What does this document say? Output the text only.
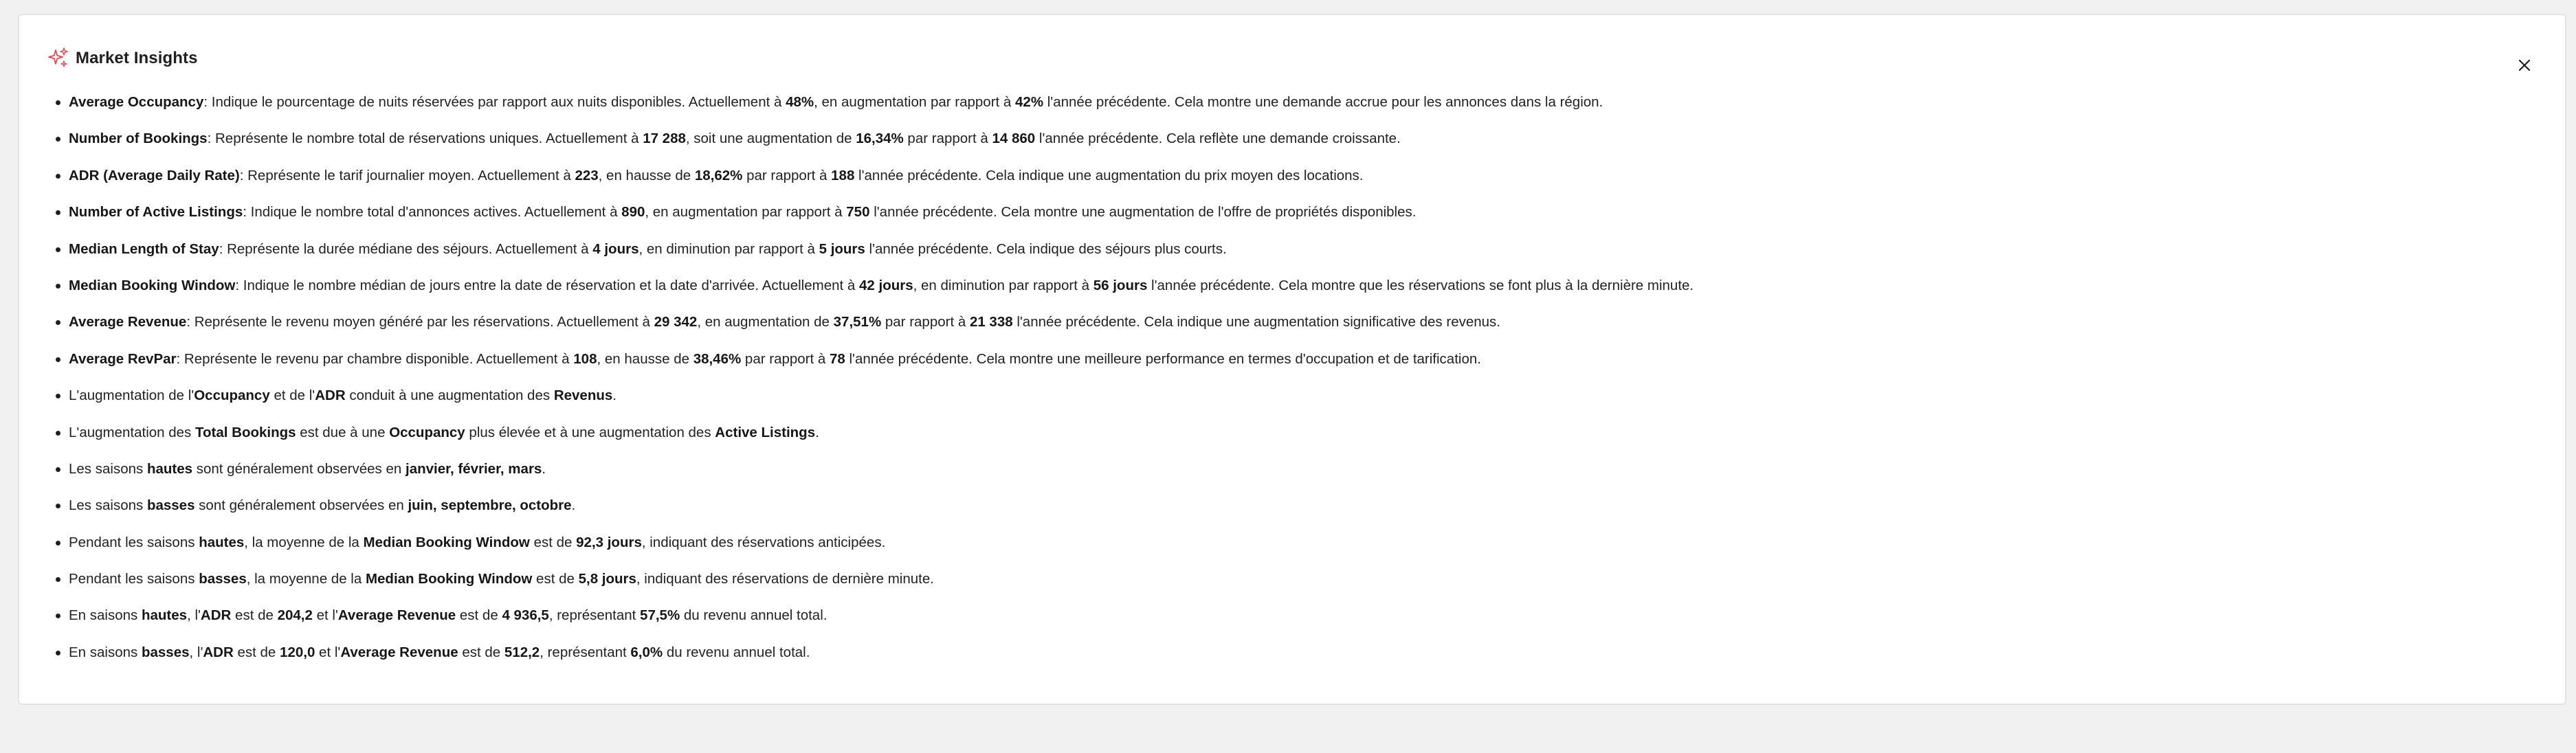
Market Insights
Average Occupancy: Indique le pourcentage de nuits réservées par rapport aux nuits disponibles. Actuellement à 48%, en augmentation par rapport à 42% l'année précédente. Cela montre une demande accrue pour les annonces dans la région.
Number of Bookings: Représente le nombre total de réservations uniques. Actuellement à 17 288, soit une augmentation de 16,34% par rapport à 14 860 l'année précédente. Cela reflète une demande croissante.
ADR (Average Daily Rate): Représente le tarif journalier moyen. Actuellement à 223, en hausse de 18,62% par rapport à 188 l'année précédente. Cela indique une augmentation du prix moyen des locations.
Number of Active Listings: Indique le nombre total d'annonces actives. Actuellement à 890, en augmentation par rapport à 750 l'année précédente. Cela montre une augmentation de l'offre de propriétés disponibles.
Median Length of Stay: Représente la durée médiane des séjours. Actuellement à 4 jours, en diminution par rapport à 5 jours l'année précédente. Cela indique des séjours plus courts.
Median Booking Window: Indique le nombre médian de jours entre la date de réservation et la date d'arrivée. Actuellement à 42 jours, en diminution par rapport à 56 jours l'année précédente. Cela montre que les réservations se font plus à la dernière minute.
Average Revenue: Représente le revenu moyen généré par les réservations. Actuellement à 29 342, en augmentation de 37,51% par rapport à 21 338 l'année précédente. Cela indique une augmentation significative des revenus.
Average RevPar: Représente le revenu par chambre disponible. Actuellement à 108, en hausse de 38,46% par rapport à 78 l'année précédente. Cela montre une meilleure performance en termes d'occupation et de tarification.
L'augmentation de l'Occupancy et de l'ADR conduit à une augmentation des Revenus.
L'augmentation des Total Bookings est due à une Occupancy plus élevée et à une augmentation des Active Listings.
Les saisons hautes sont généralement observées en janvier, février, mars.
Les saisons basses sont généralement observées en juin, septembre, octobre.
Pendant les saisons hautes, la moyenne de la Median Booking Window est de 92,3 jours, indiquant des réservations anticipées.
Pendant les saisons basses, la moyenne de la Median Booking Window est de 5,8 jours, indiquant des réservations de dernière minute.
En saisons hautes, l'ADR est de 204,2 et l'Average Revenue est de 4 936,5, représentant 57,5% du revenu annuel total.
En saisons basses, l'ADR est de 120,0 et l'Average Revenue est de 512,2, représentant 6,0% du revenu annuel total.
